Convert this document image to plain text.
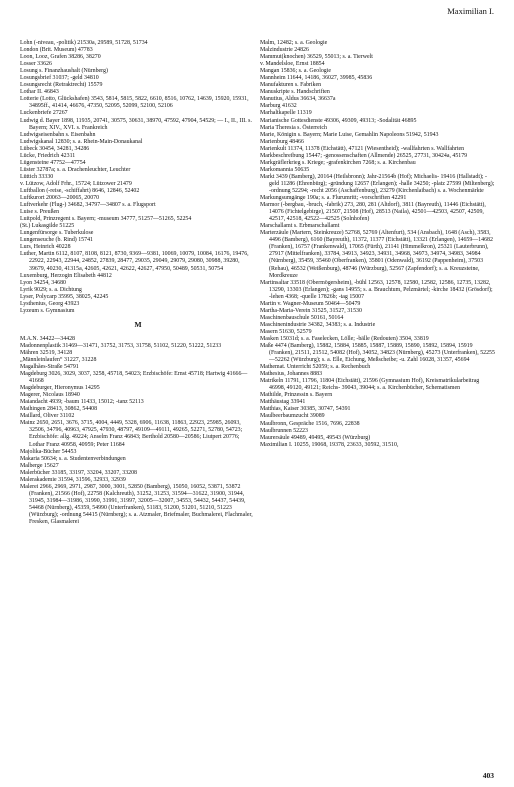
Maximilian I.

Lohn (-niveau, -politik) 21530a, 29589, 51728, 51734

London (Brit. Museum) 47783

Loon, Looz, Grafen 38286, 38270

Losser 33626

Losung s. Finanzhaushalt (Nürnberg)

Losungsbrief 31037; -geld 34810

Losungsrecht (Retraktrecht) 15579

Lothar II. 46843

Lotterie (Lotto, Glückshafen) 3543, 5814, 5815, 5822, 6610, 8516, 10762, 14639, 15920, 15931, 34895ff., 41414, 46676, 47350, 52095, 52099, 52100, 52106

Luckenbriefe 27267

Ludwig d. Bayer 1898, 11935, 20741, 30575, 30631, 38970, 47592, 47904, 54529; — I., II., III. s. Bayern; XIV., XVI. s. Frankreich

Ludwigseisenbahn s. Eisenbahn

Ludwigskanal 12830; s. a. Rhein-Main-Donaukanal

Lübeck 30454, 34281, 34286

Lücke, Friedrich 42311

Lügensteine 47752—47754

Lüster 32787a; s. a. Drachenleuchter, Leuchter

Lüttich 33330

v. Lützow, Adolf Frhr., 15724; Lützower 21479

Luftballon (-reise, -schiffahrt) 8646, 12846, 52402

Luftkurort 20063—20065, 20070

Luftverkehr (Flug-) 34682, 34797—34807 s. a. Flugsport

Luise s. Preußen

Luitpold, Prinzregent s. Bayern; -museum 34777, 51257—51265, 52254

(St.) Lukasgilde 51225

Lungenfürsorge s. Tuberkulose

Lungenseuche (b. Rind) 15741

Lurs, Heinrich 40228

Luther, Martin 6112, 8107, 8108, 8121, 8730, 9369—9381, 10069, 10079, 10084, 16176, 19476, 22922, 22943, 22944, 24852, 27839, 28477, 29035, 29049, 29079, 29080, 30988, 39280, 39679, 40230, 41315a, 42605, 42621, 42622, 42627, 47950, 50489, 50531, 50754

Luxemburg, Herzogin Elisabeth 44812

Lyon 34254, 34680

Lyrik 9029; s. a. Dichtung

Lyser, Polycarp 35995, 38025, 42245

Lysthenius, Georg 43923

Lyzeum s. Gymnasium

M

M.A.N. 34422—34428

Madonnenplastik 31469—31471, 31752, 31753, 31758, 51102, 51220, 51222, 51233

Mähren 32519, 34128

„Männleinlaufen“ 31227, 31228

Magalhães-Straße 54791

Magdeburg 3026, 3029, 3037, 3258, 45718, 54023; Erzbischöfe: Ernst 45718; Hartwig 41666—41668

Magdeburger, Hieronymus 14295

Magerer, Nicolaus 18940

Maiandacht 4939; -baum 11433, 15012; -tanz 52113

Maihingen 28413, 30862, 54408

Maillard, Oliver 31102

Mainz 2650, 2651, 3676, 3715, 4004, 4449, 5328, 6906, 11638, 11863, 22923, 25985, 26093, 32506, 34796, 40963, 47925, 47930, 48797, 49109—49111, 49265, 52271, 52780, 54723; Erzbischöfe: allg. 49224; Anselm Franz 46843; Berthold 20580—20586; Liutpert 20776; Lothar Franz 40958, 40959; Peter 11684

Majolika-Bücher 54453

Makaria 50634; s. a. Studentenverbindungen

Malberge 15627

Malerbücher 33185, 33197, 33204, 33207, 33208

Malerakademie 31594, 31596, 32933, 32939

Malerei 2966, 2969, 2971, 2987, 3000, 3001, 52850 (Bamberg), 15050, 16052, 53871, 53872 (Franken), 21566 (Hof), 22758 (Kalchreuth), 31252, 31253, 31594—31622, 31900, 31944, 31945, 31984—31986, 31990, 31991, 31997, 32005—32007, 34553, 54432, 54437, 54439, 54468 (Nürnberg), 45359, 54990 (Unterfranken), 51183, 51200, 51201, 51210, 51223 (Würzburg); -ordnung 54415 (Nürnberg); s. a. Atzmaler, Briefmaler, Buchmalerei, Flachmaler, Fresken, Glasmalerei

Malm, 12482; s. a. Geologie

Malzindustrie 24826

Mammut(knochen) 36529, 55013; s. a. Tierwelt

v. Mandelsloe, Ernst 18854

Mangan 15836; s. a. Geologie

Mannheim 11644, 14186, 36027, 39985, 45836

Manufakturen s. Fabriken

Manuskripte s. Handschriften

Manutius, Aldus 36634, 36637a

Marburg 41632

Marhaltkapelle 11319

Marianische Gottesdienste 49306, 49309, 49313; -Sodalität 46895

Maria Theresia s. Österreich

Marie, Königin s. Bayern; Marie Luise, Gemahlin Napoleons 51942, 51943

Marienburg 48466

Marienkult 11374, 11378 (Eichstätt), 47121 (Wiesentheid); -wallfahrten s. Wallfahrten

Markbeschreibung 15447; -genossenschaften (Allmende) 26525, 27731, 30424a, 45179

Markgräflerkrieg s. Kriege; -grafenkirchen 7268; s. a. Kirchenbau

Markomannia 50635

Markt 3439 (Bamberg), 20164 (Heilsbronn); Jahr-21564b (Hof); Michaelis- 19416 (Hallstadt); -geld 11286 (Ehrenbürg); -gründung 12657 (Erlangen); -halle 34250; -platz 27599 (Miltenberg); -ordnung 52294; -recht 2056 (Aschaffenburg), 23279 (Kirchenlaibach) s. a. Wochenmärkte

Markungsumgänge 190a; s. a. Flurumritt; -vorschriften 42291

Marmor (-bergbau, -bruch, -fabrik) 273, 280, 281 (Altdorf), 3811 (Bayreuth), 11446 (Eichstätt), 14076 (Fichtelgebirge), 21507, 21508 (Hof), 28513 (Naila), 42501—42503, 42507, 42509, 42517, 42518, 42522—42525 (Solnhofen)

Marschallamt s. Erbmarschallamt

Marterzäule (Martern, Steinkreuze) 52768, 52769 (Altenfurt), 534 (Ansbach), 1648 (Asch), 3583, 4496 (Bamberg), 6160 (Bayreuth), 11372, 11377 (Eichstätt), 13321 (Erlangen), 14659—14682 (Franken), 16757 (Frankenwald), 17065 (Fürth), 21141 (Himmelkron), 25321 (Lauterbrunn), 27917 (Mittelfranken), 33784, 34913, 34923, 34931, 34968, 34973, 34974, 34983, 34984 (Nürnberg), 35459, 35460 (Oberfranken), 35801 (Odenwald), 36192 (Pappenheim), 37503 (Rehau), 46532 (Weißenburg), 48746 (Würzburg), 52567 (Zapfendorf); s. a. Kreuzsteine, Mordkreuze

Martinsaltar 33518 (Obermögersheim), -bühl 12563, 12578, 12580, 12582, 12586, 12735, 13282, 13290, 13303 (Erlangen); -gans 14955; s. a. Brauchtum, Pelzmärtel; -kirche 18432 (Grösdorf); -lehen 4368; -quelle 17826b; -tag 15007

Martin v. Wagner-Museum 50464—50479

Martha-Maria-Verein 31525, 31527, 31530

Maschinenbauschule 50161, 50164

Maschinenindustrie 34382, 34383; s. a. Industrie

Masern 51630, 52579

Masken 15031d; s. a. Faselecken, Lölle; -bälle (Redouten) 3504, 33819

Maße 4474 (Bamberg), 15882, 15884, 15885, 15887, 15889, 15890, 15892, 15894, 15919 (Franken), 21511, 21512, 54082 (Hof), 34052, 34823 (Nürnberg), 45273 (Unterfranken), 52255—52262 (Würzburg); s. a. Elle, Eichung, Meßscheibe; -u. Zahl 16028, 31357, 45694

Mathemat. Unterricht 52059; s. a. Rechenbuch

Mathesius, Johannes 8883

Matrikeln 11791, 11796, 11804 (Eichstätt), 21596 (Gymnasium Hof), Kreismatrikularbeitrag 46998, 49120, 49121; Reichs- 39043, 39044; s. a. Kirchenbücher, Schematismen

Mathilde, Prinzessin s. Bayern

Matthäustag 33941

Matthias, Kaiser 30385, 30747, 54391

Maulbeerbaumzucht 39089

Maulbronn, Gespräche 1516, 7696, 22838

Maulbrunnen 52223

Maurersäule 49489, 49495, 49543 (Würzburg)

Maximilian I. 10255, 19068, 19378, 23633, 30592, 31510,

403
